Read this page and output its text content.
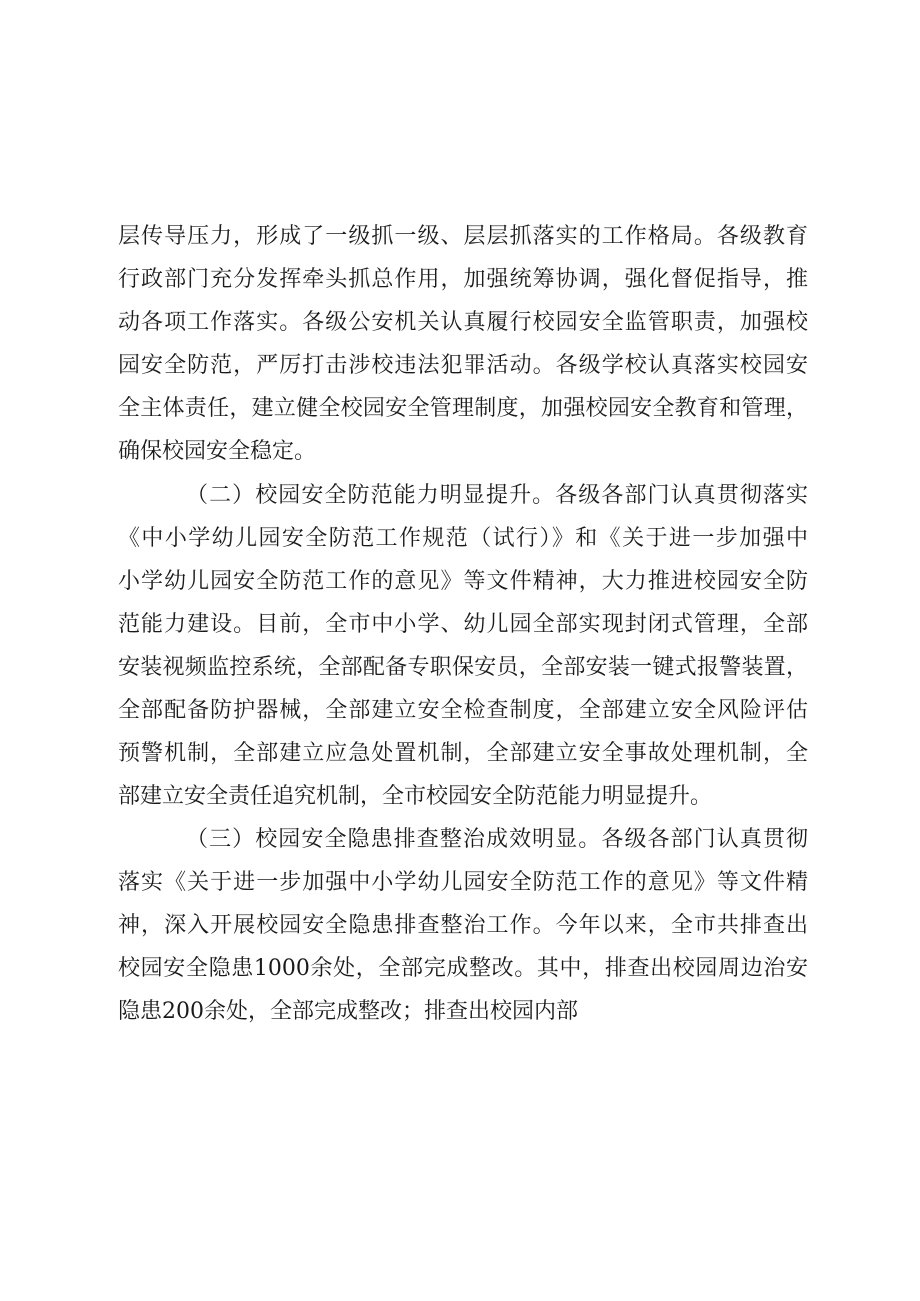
层传导压力，形成了一级抓一级、层层抓落实的工作格局。各级教育
行政部门充分发挥牵头抓总作用，加强统筹协调，强化督促指导，推
动各项工作落实。各级公安机关认真履行校园安全监管职责，加强校
园安全防范，严厉打击涉校违法犯罪活动。各级学校认真落实校园安
全主体责任，建立健全校园安全管理制度，加强校园安全教育和管理，
确保校园安全稳定。
（二）校园安全防范能力明显提升。各级各部门认真贯彻落实
《中小学幼儿园安全防范工作规范（试行）》和《关于进一步加强中
小学幼儿园安全防范工作的意见》等文件精神，大力推进校园安全防
范能力建设。目前，全市中小学、幼儿园全部实现封闭式管理，全部
安装视频监控系统，全部配备专职保安员，全部安装一键式报警装置，
全部配备防护器械，全部建立安全检查制度，全部建立安全风险评估
预警机制，全部建立应急处置机制，全部建立安全事故处理机制，全
部建立安全责任追究机制，全市校园安全防范能力明显提升。
（三）校园安全隐患排查整治成效明显。各级各部门认真贯彻
落实《关于进一步加强中小学幼儿园安全防范工作的意见》等文件精
神，深入开展校园安全隐患排查整治工作。今年以来，全市共排查出
校园安全隐患1000余处，全部完成整改。其中，排查出校园周边治安
隐患200余处，全部完成整改；排查出校园内部
